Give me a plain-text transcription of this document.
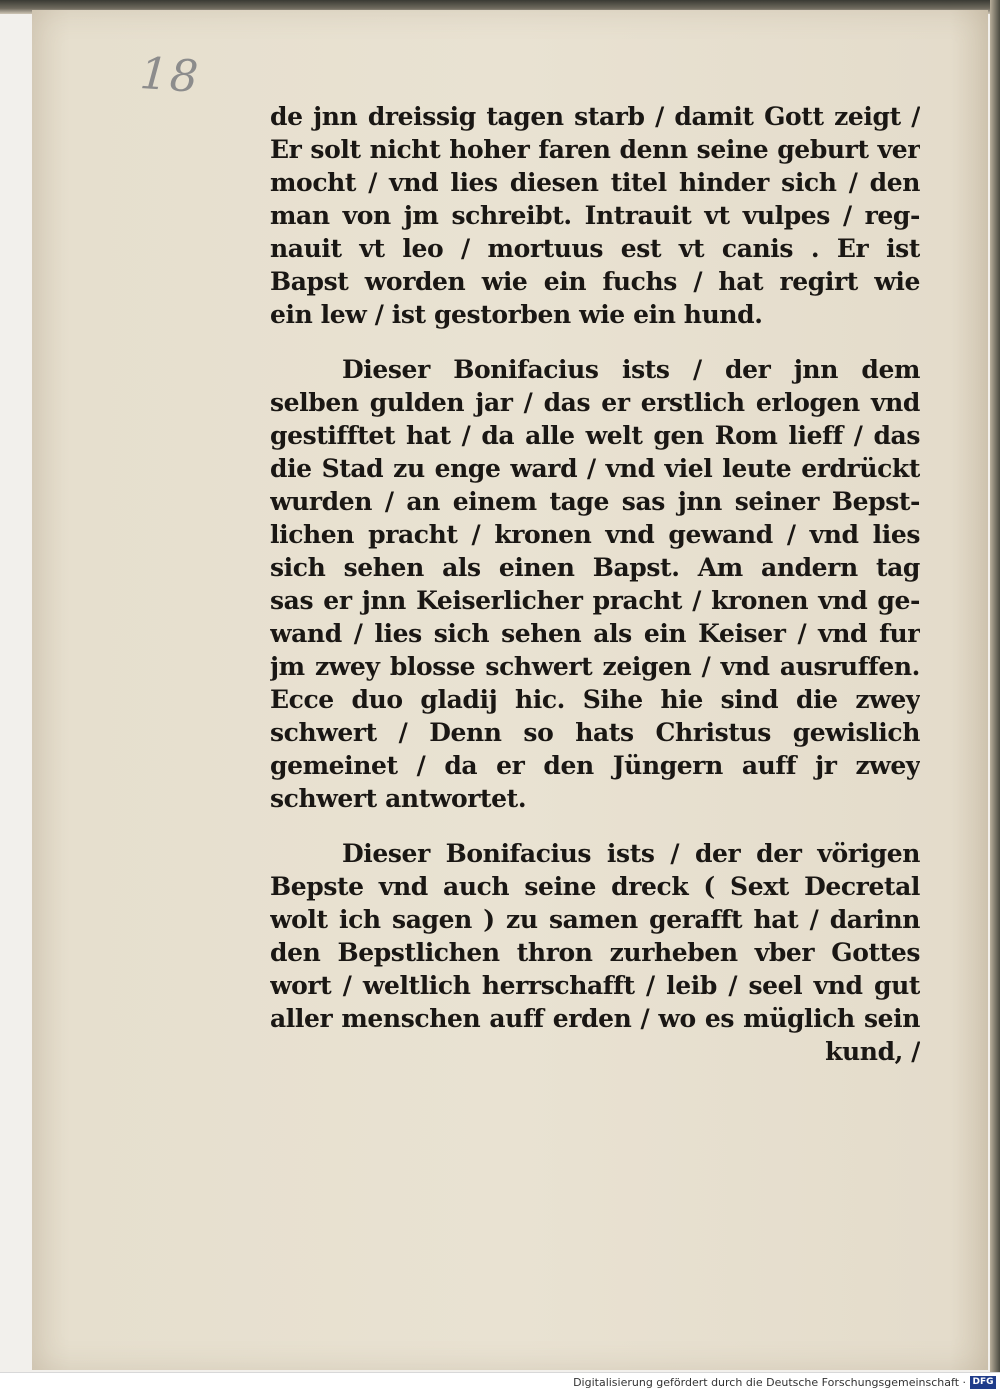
18
de jnn dreissig tagen starb / damit Gott zeigt /
Er solt nicht hoher faren denn seine geburt ver
mocht / vnd lies diesen titel hinder sich / den
man von jm schreibt. Intrauit vt vulpes / reg-
nauit vt leo / mortuus est vt canis . Er ist
Bapst worden wie ein fuchs / hat regirt wie
ein lew / ist gestorben wie ein hund.
Dieser Bonifacius ists / der jnn dem
selben gulden jar / das er erstlich erlogen vnd
gestifftet hat / da alle welt gen Rom lieff / das
die Stad zu enge ward / vnd viel leute erdrückt
wurden / an einem tage sas jnn seiner Bepst-
lichen pracht / kronen vnd gewand / vnd lies
sich sehen als einen Bapst. Am andern tag
sas er jnn Keiserlicher pracht / kronen vnd ge-
wand / lies sich sehen als ein Keiser / vnd fur
jm zwey blosse schwert zeigen / vnd ausruffen.
Ecce duo gladij hic. Sihe hie sind die zwey
schwert / Denn so hats Christus gewislich
gemeinet / da er den Jüngern auff jr zwey
schwert antwortet.
Dieser Bonifacius ists / der der vörigen
Bepste vnd auch seine dreck ( Sext Decretal
wolt ich sagen ) zu samen gerafft hat / darinn
den Bepstlichen thron zurheben vber Gottes
wort / weltlich herrschafft / leib / seel vnd gut
aller menschen auff erden / wo es müglich sein
kund, /
Digitalisierung gefördert durch die Deutsche Forschungsgemeinschaft · DFG
